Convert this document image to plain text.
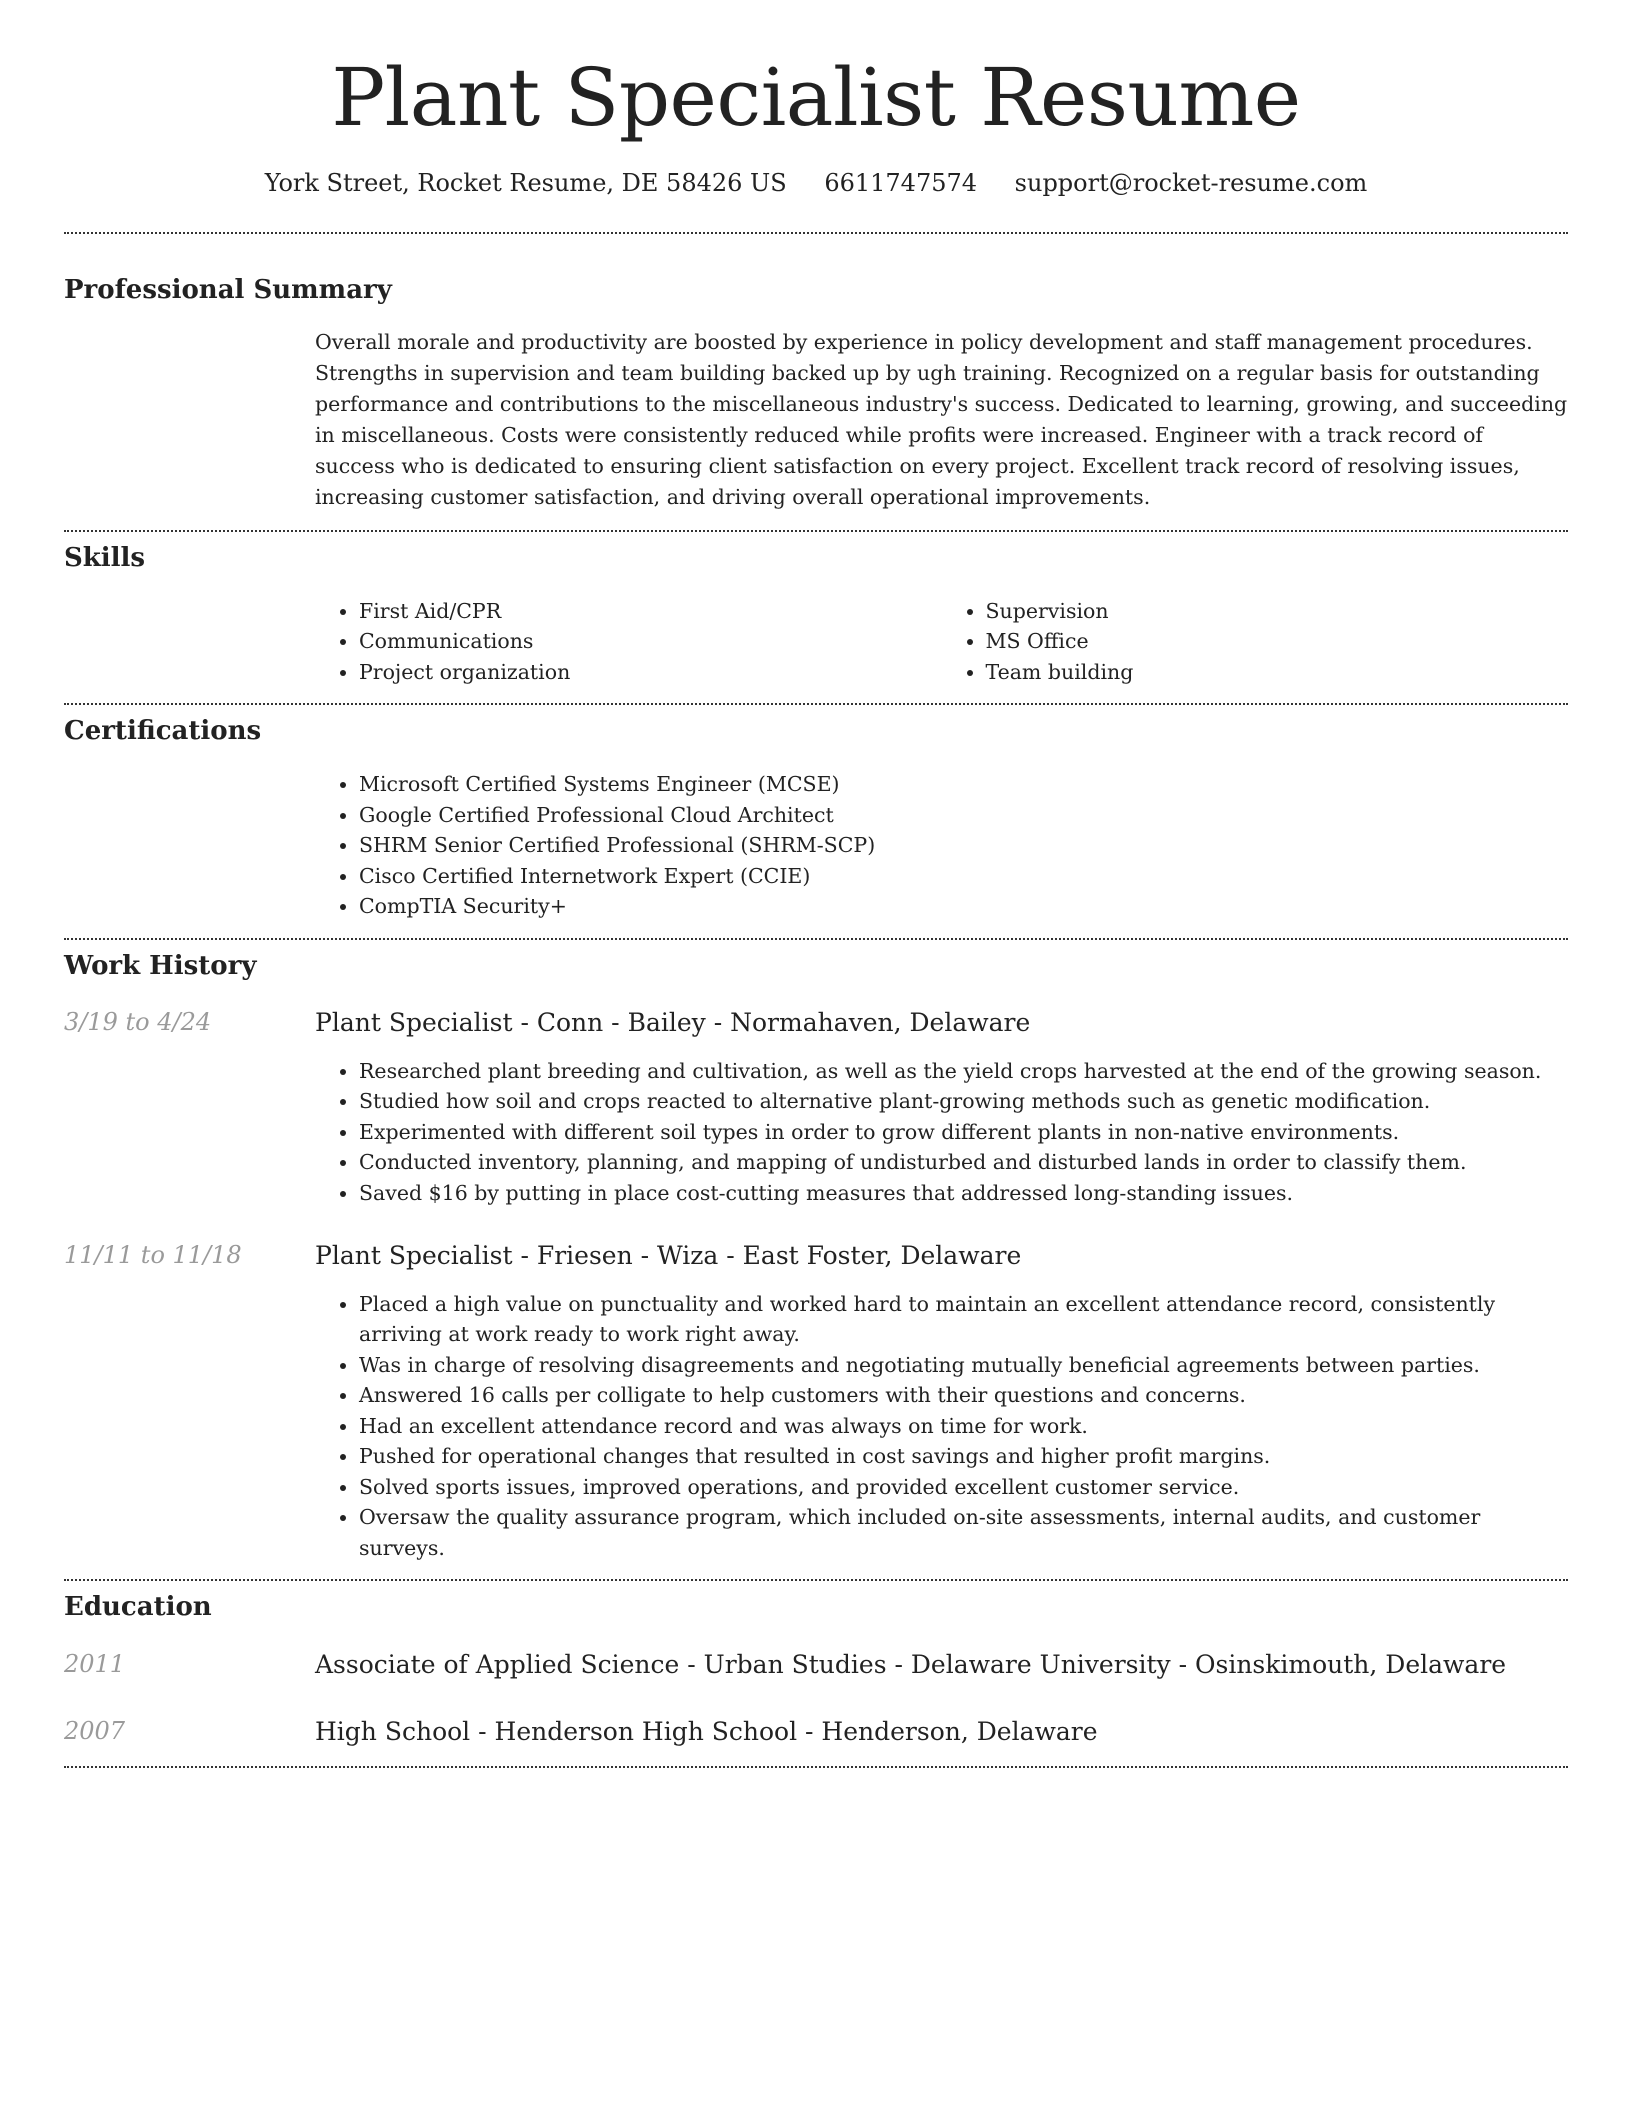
Plant Specialist Resume
York Street, Rocket Resume, DE 58426 US 6611747574 support@rocket-resume.com
Professional Summary

Overall morale and productivity are boosted by experience in policy development and staff management procedures. Strengths in supervision and team building backed up by ugh training. Recognized on a regular basis for outstanding performance and contributions to the miscellaneous industry's success. Dedicated to learning, growing, and succeeding in miscellaneous. Costs were consistently reduced while profits were increased. Engineer with a track record of success who is dedicated to ensuring client satisfaction on every project. Excellent track record of resolving issues, increasing customer satisfaction, and driving overall operational improvements.

Skills
• First Aid/CPR
• Communications
• Project organization
• Supervision
• MS Office
• Team building
Certifications
• Microsoft Certified Systems Engineer (MCSE)
• Google Certified Professional Cloud Architect
• SHRM Senior Certified Professional (SHRM-SCP)
• Cisco Certified Internetwork Expert (CCIE)
• CompTIA Security+
Work History
3/19 to 4/24	Plant Specialist - Conn - Bailey - Normahaven, Delaware
• Researched plant breeding and cultivation, as well as the yield crops harvested at the end of the growing season.
• Studied how soil and crops reacted to alternative plant-growing methods such as genetic modification.
• Experimented with different soil types in order to grow different plants in non-native environments.
• Conducted inventory, planning, and mapping of undisturbed and disturbed lands in order to classify them.
• Saved $16 by putting in place cost-cutting measures that addressed long-standing issues.
11/11 to 11/18	Plant Specialist - Friesen - Wiza - East Foster, Delaware
• Placed a high value on punctuality and worked hard to maintain an excellent attendance record, consistently arriving at work ready to work right away.
• Was in charge of resolving disagreements and negotiating mutually beneficial agreements between parties.
• Answered 16 calls per colligate to help customers with their questions and concerns.
• Had an excellent attendance record and was always on time for work.
• Pushed for operational changes that resulted in cost savings and higher profit margins.
• Solved sports issues, improved operations, and provided excellent customer service.
• Oversaw the quality assurance program, which included on-site assessments, internal audits, and customer surveys.
Education
2011	Associate of Applied Science - Urban Studies - Delaware University - Osinskimouth, Delaware
2007	High School - Henderson High School - Henderson, Delaware
